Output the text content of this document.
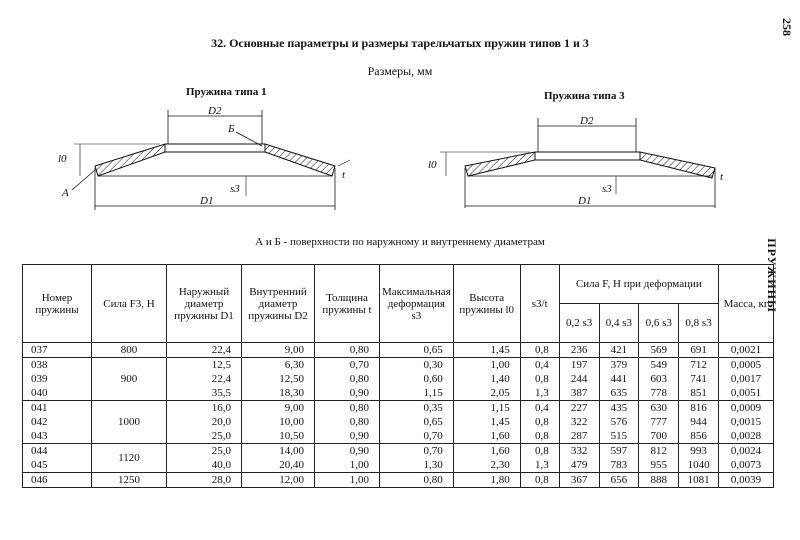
32. Основные параметры и размеры тарельчатых пружин типов 1 и 3
Размеры, мм
258
ПРУЖИНЫ
Пружина типа 1	Пружина типа 3
D2
D1
Б
А
l0
s3
t
D2
D1
l0
s3
t
А и Б - поверхности по наружному и внутреннему диаметрам
Номер пружины	Сила F3, Н	Наружный диаметр пружины D1	Внутренний диаметр пружины D2	Толщина пружины t	Максимальная деформация s3	Высота пружины l0	s3/t	Сила F, Н при деформации				Масса, кг
								0,2 s3	0,4 s3	0,6 s3	0,8 s3	
037	800	22,4	9,00	0,80	0,65	1,45	0,8	236	421	569	691	0,0021
038	900	12,5	6,30	0,70	0,30	1,00	0,4	197	379	549	712	0,0005
039		22,4	12,50	0,80	0,60	1,40	0,8	244	441	603	741	0,0017
040		35,5	18,30	0,90	1,15	2,05	1,3	387	635	778	851	0,0051
041	1000	16,0	9,00	0,80	0,35	1,15	0,4	227	435	630	816	0,0009
042		20,0	10,00	0,80	0,65	1,45	0,8	322	576	777	944	0,0015
043		25,0	10,50	0,90	0,70	1,60	0,8	287	515	700	856	0,0028
044	1120	25,0	14,00	0,90	0,70	1,60	0,8	332	597	812	993	0,0024
045		40,0	20,40	1,00	1,30	2,30	1,3	479	783	955	1040	0,0073
046	1250	28,0	12,00	1,00	0,80	1,80	0,8	367	656	888	1081	0,0039
